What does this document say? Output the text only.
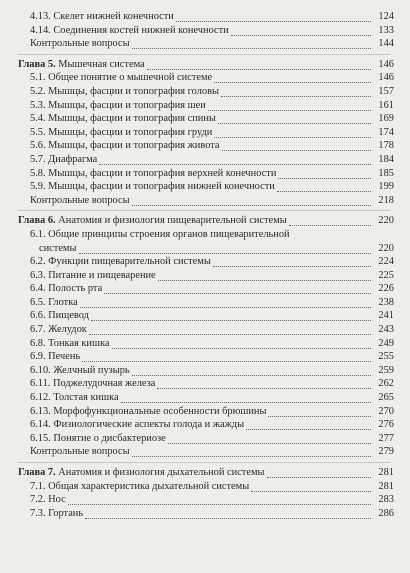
4.13. Скелет нижней конечности	124
4.14. Соединения костей нижней конечности	133
Контрольные вопросы	144
Глава 5. Мышечная система	146
5.1. Общее понятие о мышечной системе	146
5.2. Мышцы, фасции и топография головы	157
5.3. Мышцы, фасции и топография шеи	161
5.4. Мышцы, фасции и топография спины	169
5.5. Мышцы, фасции и топография груди	174
5.6. Мышцы, фасции и топография живота	178
5.7. Диафрагма	184
5.8. Мышцы, фасции и топография верхней конечности	185
5.9. Мышцы, фасции и топография нижней конечности	199
Контрольные вопросы	218
Глава 6. Анатомия и физиология пищеварительной системы	220
6.1. Общие принципы строения органов пищеварительной
системы	220
6.2. Функции пищеварительной системы	224
6.3. Питание и пищеварение	225
6.4. Полость рта	226
6.5. Глотка	238
6.6. Пищевод	241
6.7. Желудок	243
6.8. Тонкая кишка	249
6.9. Печень	255
6.10. Желчный пузырь	259
6.11. Поджелудочная железа	262
6.12. Толстая кишка	265
6.13. Морфофункциональные особенности брюшины	270
6.14. Физиологические аспекты голода и жажды	276
6.15. Понятие о дисбактериозе	277
Контрольные вопросы	279
Глава 7. Анатомия и физиология дыхательной системы	281
7.1. Общая характеристика дыхательной системы	281
7.2. Нос	283
7.3. Гортань	286
